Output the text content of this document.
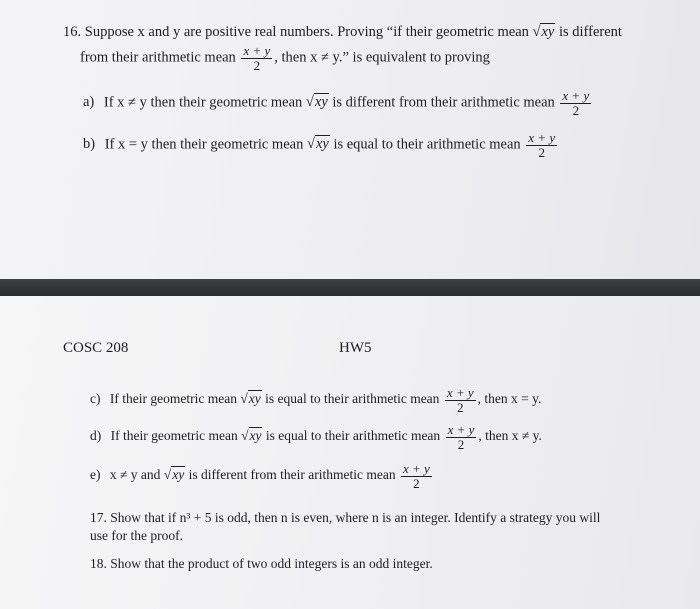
16. Suppose x and y are positive real numbers. Proving “if their geometric mean √xy is different
from their arithmetic mean $\frac{x + y}{2}$ , then x ≠ y.” is equivalent to proving
a) If x ≠ y then their geometric mean √xy is different from their arithmetic mean $\frac{x + y}{2}$
b) If x = y then their geometric mean √xy is equal to their arithmetic mean $\frac{x + y}{2}$
COSC 208	HW5
c) If their geometric mean √xy is equal to their arithmetic mean $\frac{x + y}{2}$ , then x = y.
d) If their geometric mean √xy is equal to their arithmetic mean $\frac{x + y}{2}$ , then x ≠ y.
e) x ≠ y and √xy is different from their arithmetic mean $\frac{x + y}{2}$
17. Show that if n³ + 5 is odd, then n is even, where n is an integer. Identify a strategy you will
use for the proof.
18. Show that the product of two odd integers is an odd integer.
